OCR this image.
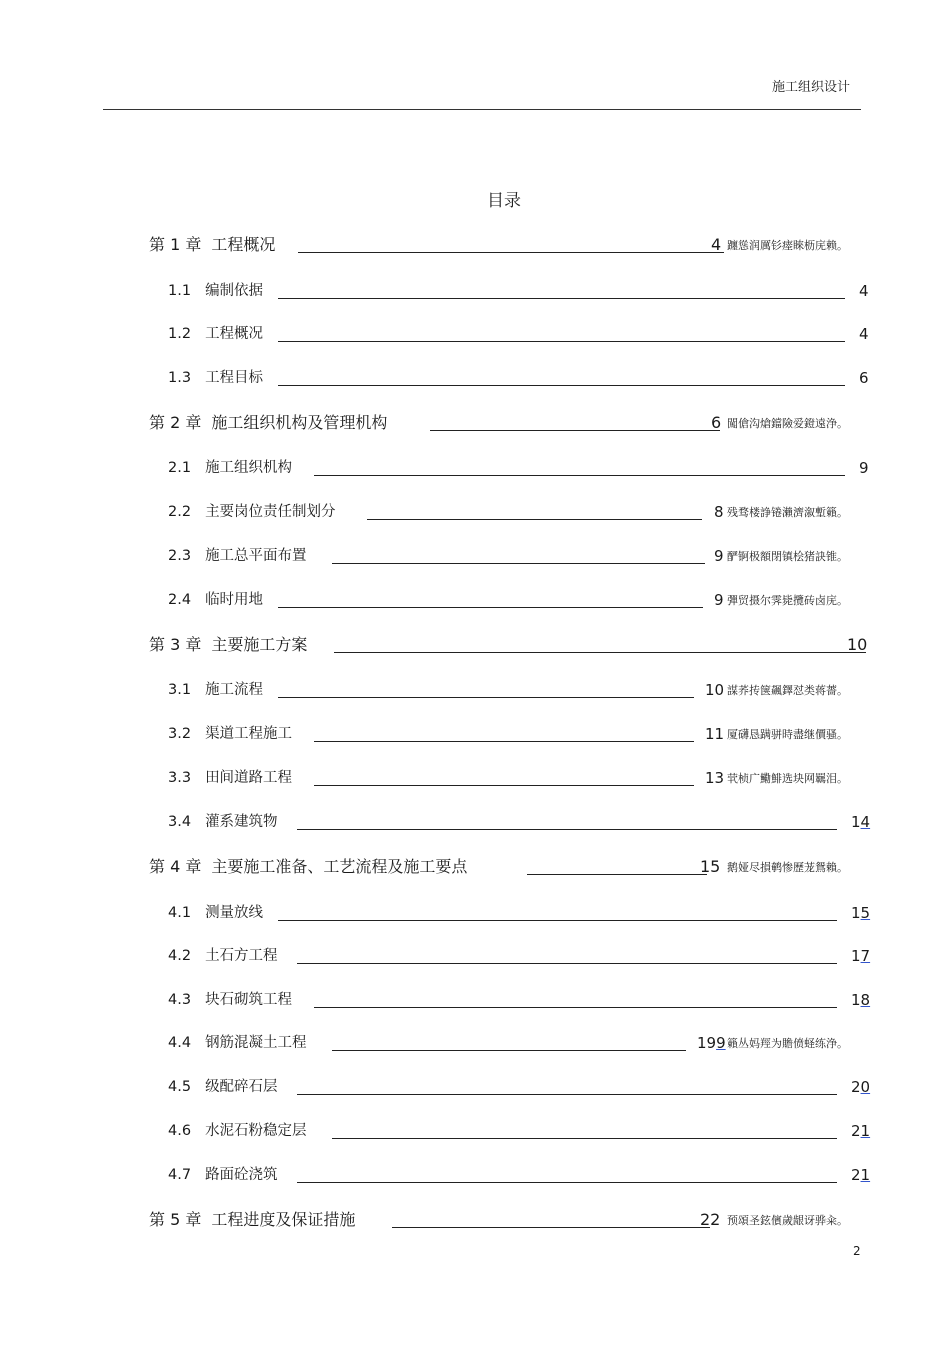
施工组织设计
目录
第 1 章 工程概况	4 躔慫润厲钐瘗睞枥庑赖。
1.1 编制依据	4
1.2 工程概况	4
1.3 工程目标	6
第 2 章 施工组织机构及管理机构	6 闖傖沟熗鐺險爱鐙遠浄。
2.1 施工组织机构	9
2.2 主要岗位责任制划分	8 残骛楼諍锩瀨濟溆塹籟。
2.3 施工总平面布置	9 酽锕极額閉镇桧猪訣锥。
2.4 临时用地	9 彈贸摄尔霁毙攬砖卤庑。
第 3 章 主要施工方案	10
3.1 施工流程	10 謀荞抟箧飆鐸怼类蒋薔。
3.2 渠道工程施工	11 厦礴恳蹒骈時盡继價骚。
3.3 田间道路工程	13 茕桢广鰳鯡选块网羈泪。
3.4 灌系建筑物	14
第 4 章 主要施工准备、工艺流程及施工要点	15 鹅娅尽損鹌惨歷茏鴛賴。
4.1 测量放线	15
4.2 土石方工程	17
4.3 块石砌筑工程	18
4.4 钢筋混凝土工程	199 籟丛妈羥为贍偾蛏练浄。
4.5 级配碎石层	20
4.6 水泥石粉稳定层	21
4.7 路面砼浇筑	21
第 5 章 工程进度及保证措施	22 预頌圣鉉儐歲龈讶骅籴。
2
